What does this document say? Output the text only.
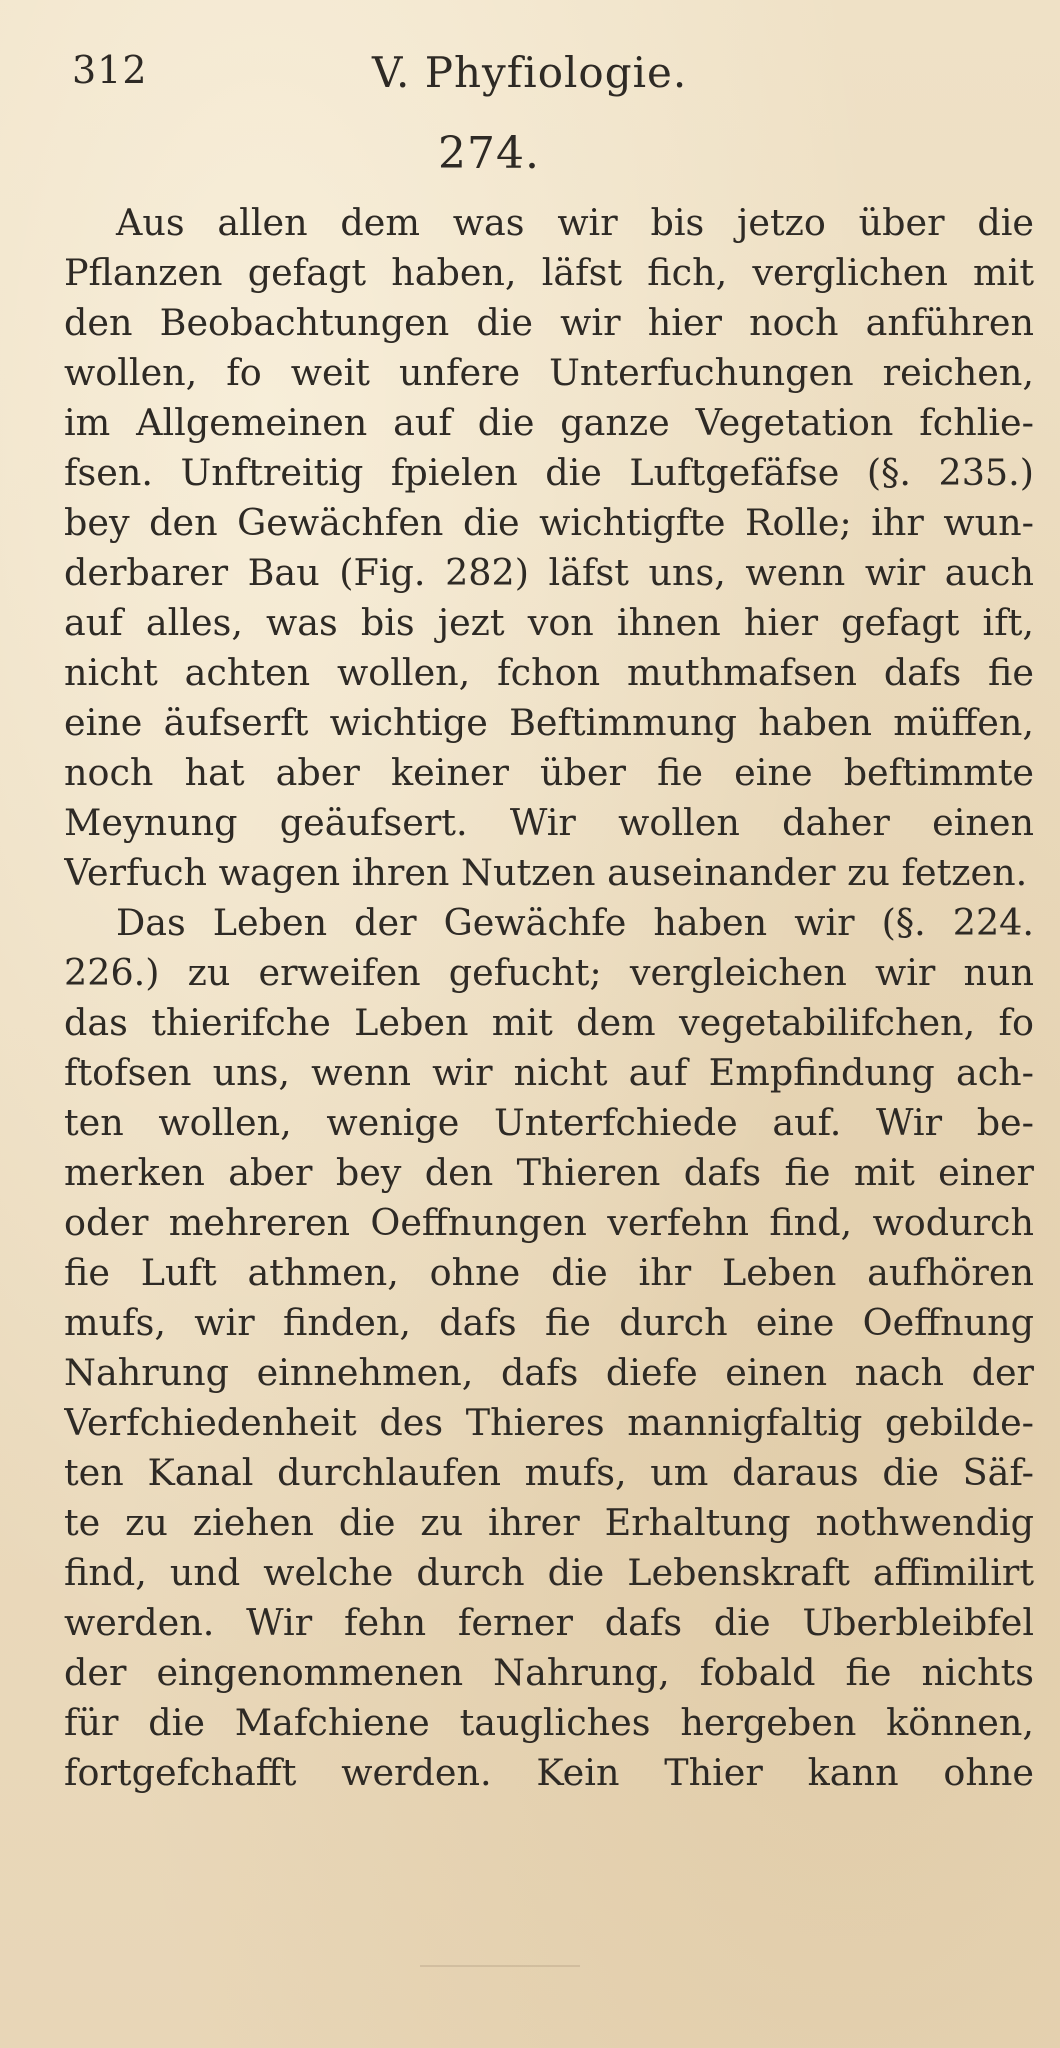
312	V. Phyfiologie.
274.
Aus allen dem was wir bis jetzo über die
Pflanzen gefagt haben, läfst fich, verglichen mit
den Beobachtungen die wir hier noch anführen
wollen, fo weit unfere Unterfuchungen reichen,
im Allgemeinen auf die ganze Vegetation fchlie-
fsen. Unftreitig fpielen die Luftgefäfse (§. 235.)
bey den Gewächfen die wichtigfte Rolle; ihr wun-
derbarer Bau (Fig. 282) läfst uns, wenn wir auch
auf alles, was bis jezt von ihnen hier gefagt ift,
nicht achten wollen, fchon muthmafsen dafs fie
eine äufserft wichtige Beftimmung haben müffen,
noch hat aber keiner über fie eine beftimmte
Meynung geäufsert. Wir wollen daher einen
Verfuch wagen ihren Nutzen auseinander zu fetzen.
Das Leben der Gewächfe haben wir (§. 224.
226.) zu erweifen gefucht; vergleichen wir nun
das thierifche Leben mit dem vegetabilifchen, fo
ftofsen uns, wenn wir nicht auf Empfindung ach-
ten wollen, wenige Unterfchiede auf. Wir be-
merken aber bey den Thieren dafs fie mit einer
oder mehreren Oeffnungen verfehn find, wodurch
fie Luft athmen, ohne die ihr Leben aufhören
mufs, wir finden, dafs fie durch eine Oeffnung
Nahrung einnehmen, dafs diefe einen nach der
Verfchiedenheit des Thieres mannigfaltig gebilde-
ten Kanal durchlaufen mufs, um daraus die Säf-
te zu ziehen die zu ihrer Erhaltung nothwendig
find, und welche durch die Lebenskraft affimilirt
werden. Wir fehn ferner dafs die Uberbleibfel
der eingenommenen Nahrung, fobald fie nichts
für die Mafchiene taugliches hergeben können,
fortgefchafft werden. Kein Thier kann ohne
